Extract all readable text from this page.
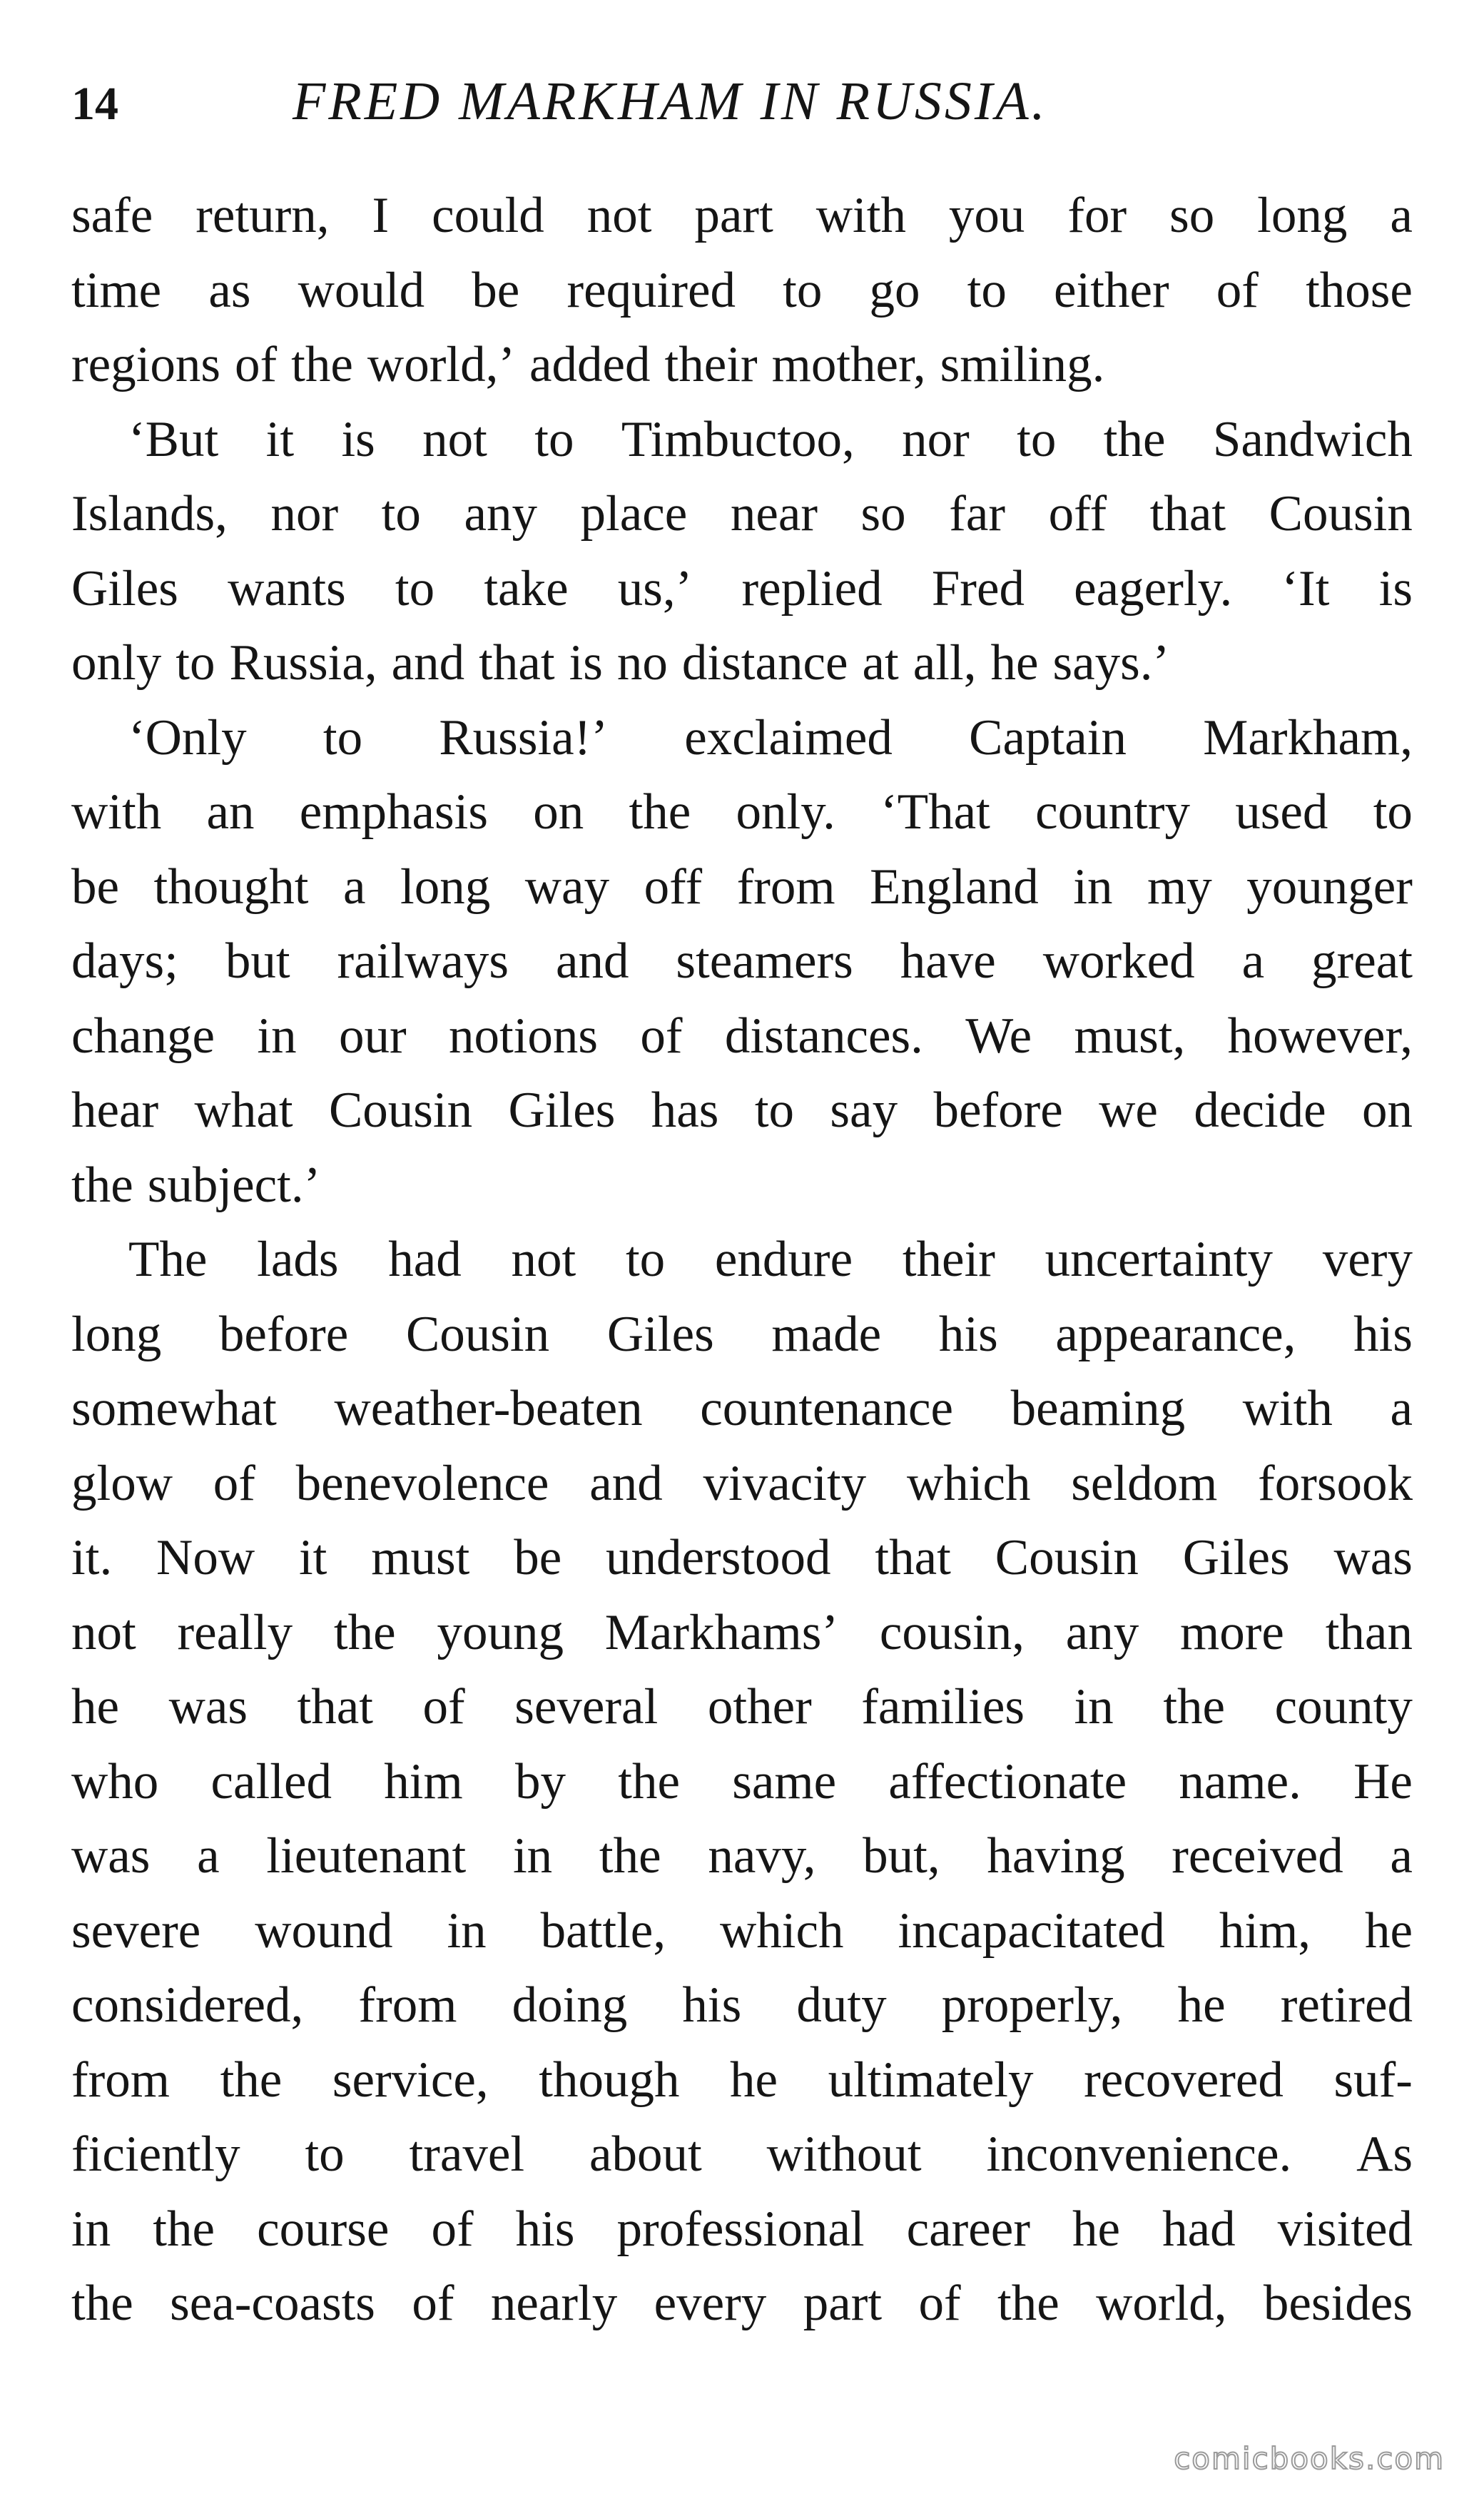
14	FRED MARKHAM IN RUSSIA.
safe return, I could not part with you for so long a
time as would be required to go to either of those
regions of the world,’ added their mother, smiling.
‘But it is not to Timbuctoo, nor to the Sandwich
Islands, nor to any place near so far off that Cousin
Giles wants to take us,’ replied Fred eagerly. ‘It is
only to Russia, and that is no distance at all, he says.’
‘Only to Russia!’ exclaimed Captain Markham,
with an emphasis on the only. ‘That country used to
be thought a long way off from England in my younger
days; but railways and steamers have worked a great
change in our notions of distances. We must, however,
hear what Cousin Giles has to say before we decide on
the subject.’
The lads had not to endure their uncertainty very
long before Cousin Giles made his appearance, his
somewhat weather-beaten countenance beaming with a
glow of benevolence and vivacity which seldom forsook
it. Now it must be understood that Cousin Giles was
not really the young Markhams’ cousin, any more than
he was that of several other families in the county
who called him by the same affectionate name. He
was a lieutenant in the navy, but, having received a
severe wound in battle, which incapacitated him, he
considered, from doing his duty properly, he retired
from the service, though he ultimately recovered suf-
ficiently to travel about without inconvenience. As
in the course of his professional career he had visited
the sea-coasts of nearly every part of the world, besides
comicbooks.com
